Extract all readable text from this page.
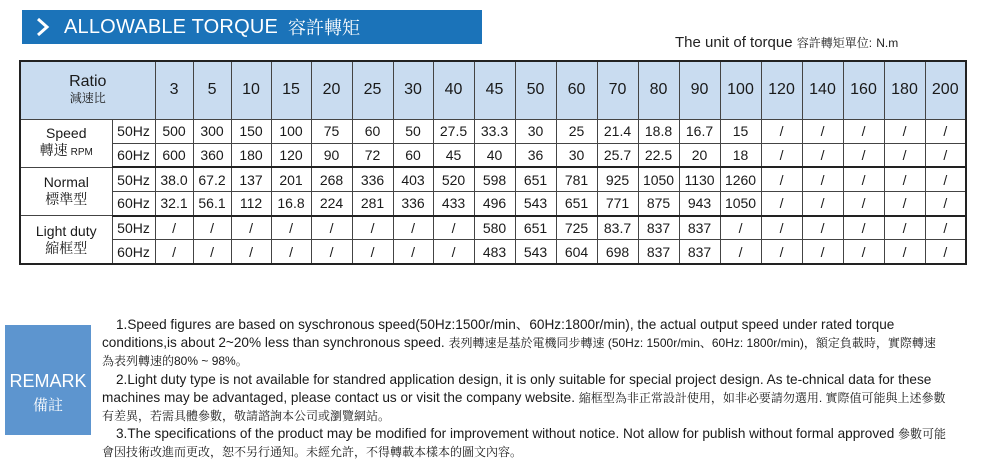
ALLOWABLE TORQUE 容許轉矩
The unit of torque 容許轉矩單位: N.m
Ratio
減速比		3	5	10	15	20	25	30	40	45	50	60	70	80	90	100	120	140	160	180	200

Speed
轉速 RPM	50Hz	500	300	150	100	75	60	50	27.5	33.3	30	25	21.4	18.8	16.7	15	/	/	/	/	/
	60Hz	600	360	180	120	90	72	60	45	40	36	30	25.7	22.5	20	18	/	/	/	/	/

Normal
標準型	50Hz	38.0	67.2	137	201	268	336	403	520	598	651	781	925	1050	1130	1260	/	/	/	/	/
	60Hz	32.1	56.1	112	16.8	224	281	336	433	496	543	651	771	875	943	1050	/	/	/	/	/

Light duty
縮框型	50Hz	/	/	/	/	/	/	/	/	580	651	725	83.7	837	837	/	/	/	/	/	/
	60Hz	/	/	/	/	/	/	/	/	483	543	604	698	837	837	/	/	/	/	/	/
REMARK
備註

1.Speed figures are based on syschronous speed(50Hz:1500r/min、60Hz:1800r/min), the actual output speed under rated torque conditions,is about 2~20% less than synchronous speed. 表列轉速是基於電機同步轉速 (50Hz: 1500r/min、60Hz: 1800r/min)，額定負載時，實際轉速為表列轉速的80% ~ 98%。

2.Light duty type is not available for standred application design, it is only suitable for special project design. As te-chnical data for these machines may be advantaged, please contact us or visit the company website. 縮框型為非正常設計使用，如非必要請勿選用. 實際值可能與上述參數有差異，若需具體參數，敬請諮詢本公司或瀏覽網站。

3.The specifications of the product may be modified for improvement without notice. Not allow for publish without formal approved 參數可能會因技術改進而更改，恕不另行通知。未經允許，不得轉載本樣本的圖文內容。
